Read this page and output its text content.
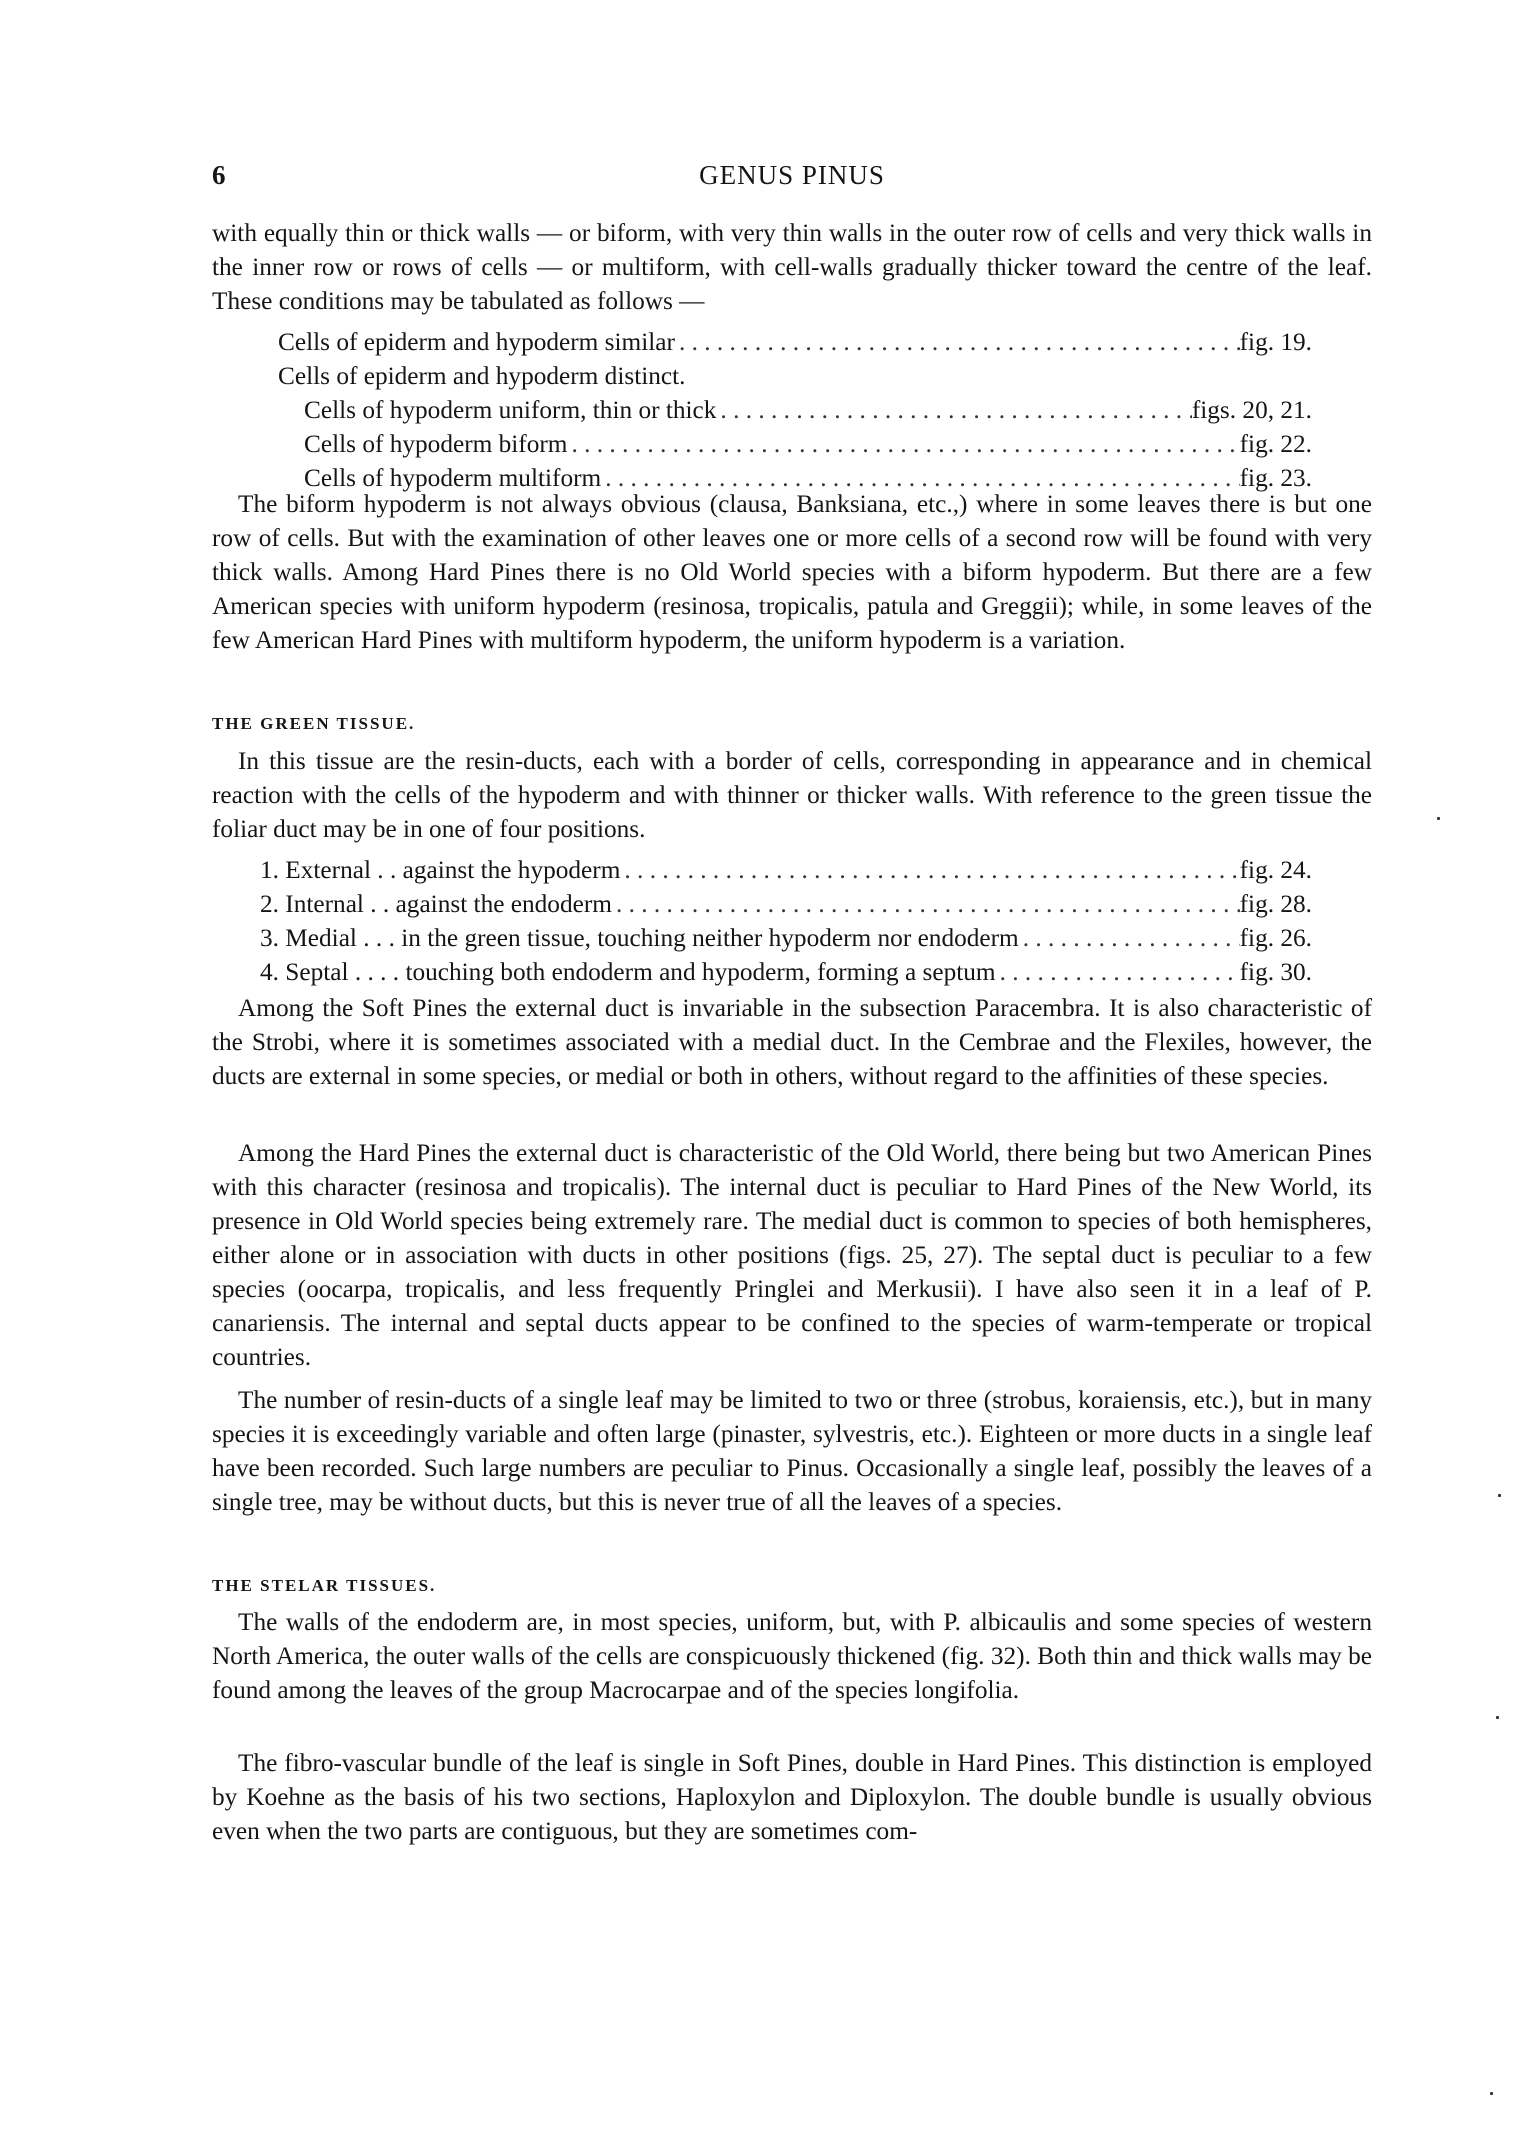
6	GENUS PINUS

with equally thin or thick walls — or biform, with very thin walls in the outer row of cells and very thick walls in the inner row or rows of cells — or multiform, with cell-walls gradually thicker toward the centre of the leaf. These conditions may be tabulated as follows —

Cells of epiderm and hypoderm similar . . .	fig. 19.
Cells of epiderm and hypoderm distinct.
Cells of hypoderm uniform, thin or thick . . .	figs. 20, 21.
Cells of hypoderm biform . . .	fig. 22.
Cells of hypoderm multiform . . .	fig. 23.

The biform hypoderm is not always obvious (clausa, Banksiana, etc.,) where in some leaves there is but one row of cells. But with the examination of other leaves one or more cells of a second row will be found with very thick walls. Among Hard Pines there is no Old World species with a biform hypoderm. But there are a few American species with uniform hypoderm (resinosa, tropicalis, patula and Greggii); while, in some leaves of the few American Hard Pines with multiform hypoderm, the uniform hypoderm is a variation.

THE GREEN TISSUE.

In this tissue are the resin-ducts, each with a border of cells, corresponding in appearance and in chemical reaction with the cells of the hypoderm and with thinner or thicker walls. With reference to the green tissue the foliar duct may be in one of four positions.

1. External . . against the hypoderm . . .	fig. 24.
2. Internal . . against the endoderm . . .	fig. 28.
3. Medial . . . in the green tissue, touching neither hypoderm nor endoderm . . .	fig. 26.
4. Septal . . . . touching both endoderm and hypoderm, forming a septum . . .	fig. 30.

Among the Soft Pines the external duct is invariable in the subsection Paracembra. It is also characteristic of the Strobi, where it is sometimes associated with a medial duct. In the Cembrae and the Flexiles, however, the ducts are external in some species, or medial or both in others, without regard to the affinities of these species.

Among the Hard Pines the external duct is characteristic of the Old World, there being but two American Pines with this character (resinosa and tropicalis). The internal duct is peculiar to Hard Pines of the New World, its presence in Old World species being extremely rare. The medial duct is common to species of both hemispheres, either alone or in association with ducts in other positions (figs. 25, 27). The septal duct is peculiar to a few species (oocarpa, tropicalis, and less frequently Pringlei and Merkusii). I have also seen it in a leaf of P. canariensis. The internal and septal ducts appear to be confined to the species of warm-temperate or tropical countries.

The number of resin-ducts of a single leaf may be limited to two or three (strobus, koraiensis, etc.), but in many species it is exceedingly variable and often large (pinaster, sylvestris, etc.). Eighteen or more ducts in a single leaf have been recorded. Such large numbers are peculiar to Pinus. Occasionally a single leaf, possibly the leaves of a single tree, may be without ducts, but this is never true of all the leaves of a species.

THE STELAR TISSUES.

The walls of the endoderm are, in most species, uniform, but, with P. albicaulis and some species of western North America, the outer walls of the cells are conspicuously thickened (fig. 32). Both thin and thick walls may be found among the leaves of the group Macrocarpae and of the species longifolia.

The fibro-vascular bundle of the leaf is single in Soft Pines, double in Hard Pines. This distinction is employed by Koehne as the basis of his two sections, Haploxylon and Diploxylon. The double bundle is usually obvious even when the two parts are contiguous, but they are sometimes com-
